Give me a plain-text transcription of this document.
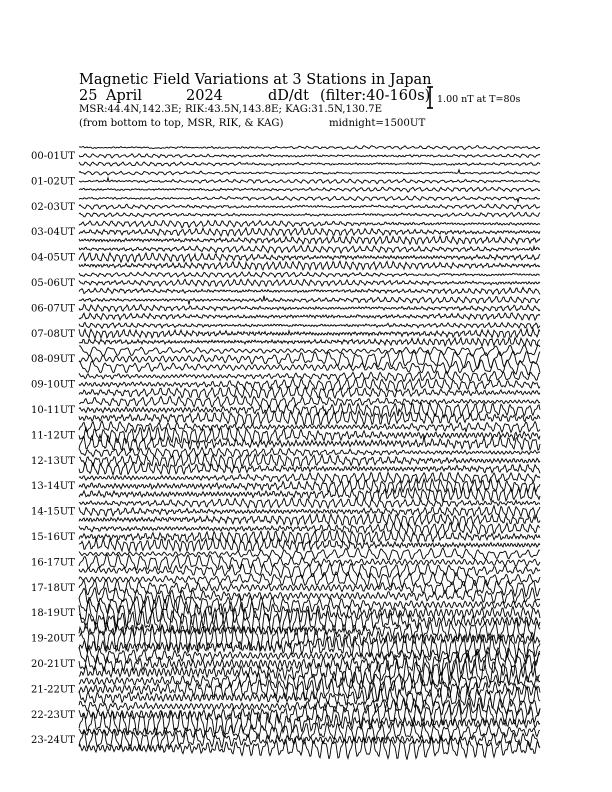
Magnetic Field Variations at 3 Stations in Japan
25 April	2024	dD/dt (filter:40-160s)
MSR:44.4N,142.3E; RIK:43.5N,143.8E; KAG:31.5N,130.7E
(from bottom to top, MSR, RIK, & KAG)	midnight=1500UT
1.00 nT at T=80s
00-01UT
01-02UT
02-03UT
03-04UT
04-05UT
05-06UT
06-07UT
07-08UT
08-09UT
09-10UT
10-11UT
11-12UT
12-13UT
13-14UT
14-15UT
15-16UT
16-17UT
17-18UT
18-19UT
19-20UT
20-21UT
21-22UT
22-23UT
23-24UT
